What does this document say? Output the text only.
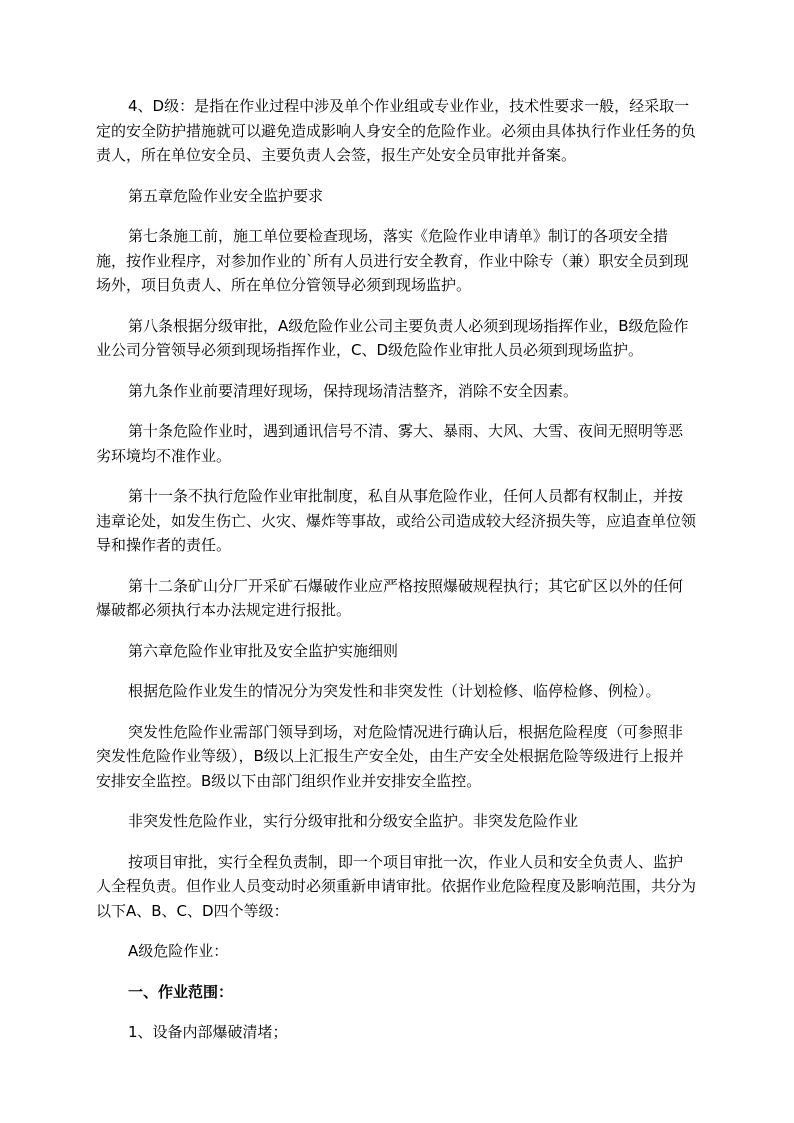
4、D级：是指在作业过程中涉及单个作业组或专业作业，技术性要求一般，经采取一定的安全防护措施就可以避免造成影响人身安全的危险作业。必须由具体执行作业任务的负责人，所在单位安全员、主要负责人会签，报生产处安全员审批并备案。

第五章危险作业安全监护要求

第七条施工前，施工单位要检查现场，落实《危险作业申请单》制订的各项安全措施，按作业程序，对参加作业的`所有人员进行安全教育，作业中除专（兼）职安全员到现场外，项目负责人、所在单位分管领导必须到现场监护。

第八条根据分级审批，A级危险作业公司主要负责人必须到现场指挥作业，B级危险作业公司分管领导必须到现场指挥作业，C、D级危险作业审批人员必须到现场监护。

第九条作业前要清理好现场，保持现场清洁整齐，消除不安全因素。

第十条危险作业时，遇到通讯信号不清、雾大、暴雨、大风、大雪、夜间无照明等恶劣环境均不准作业。

第十一条不执行危险作业审批制度，私自从事危险作业，任何人员都有权制止，并按违章论处，如发生伤亡、火灾、爆炸等事故，或给公司造成较大经济损失等，应追查单位领导和操作者的责任。

第十二条矿山分厂开采矿石爆破作业应严格按照爆破规程执行；其它矿区以外的任何爆破都必须执行本办法规定进行报批。

第六章危险作业审批及安全监护实施细则

根据危险作业发生的情况分为突发性和非突发性（计划检修、临停检修、例检）。

突发性危险作业需部门领导到场，对危险情况进行确认后，根据危险程度（可参照非突发性危险作业等级），B级以上汇报生产安全处，由生产安全处根据危险等级进行上报并安排安全监控。B级以下由部门组织作业并安排安全监控。

非突发性危险作业，实行分级审批和分级安全监护。非突发危险作业

按项目审批，实行全程负责制，即一个项目审批一次，作业人员和安全负责人、监护人全程负责。但作业人员变动时必须重新申请审批。依据作业危险程度及影响范围，共分为以下A、B、C、D四个等级：

A级危险作业：

一、作业范围：

1、设备内部爆破清堵；
